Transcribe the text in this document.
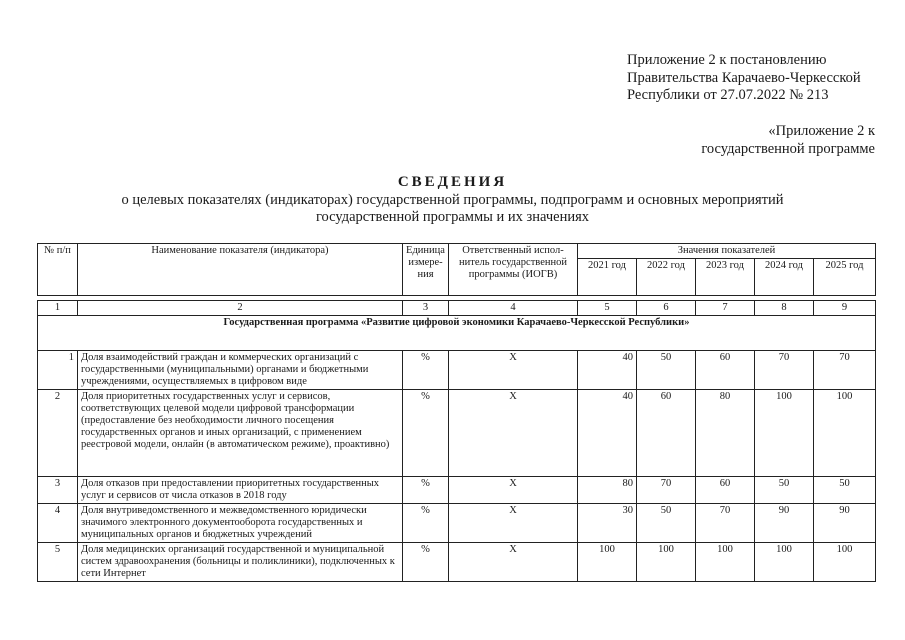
Приложение 2 к постановлению
Правительства Карачаево-Черкесской
Республики от 27.07.2022 № 213
«Приложение 2 к
государственной программе
СВЕДЕНИЯ
о целевых показателях (индикаторах) государственной программы, подпрограмм и основных мероприятий
государственной программы и их значениях
№ п/п	Наименование показателя (индикатора)	Единица измере-ния	Ответственный испол-нитель государственной программы (ИОГВ)	Значения показателей				
				2021 год	2022 год	2023 год	2024 год	2025 год

1	2	3	4	5	6	7	8	9
Государственная программа «Развитие цифровой экономики Карачаево-Черкесской Республики»								
1	Доля взаимодействий граждан и коммерческих организаций с государственными (муниципальными) органами и бюджетными учреждениями, осуществляемых в цифровом виде	%	X	40	50	60	70	70
2	Доля приоритетных государственных услуг и сервисов, соответствующих целевой модели цифровой трансформации (предоставление без необходимости личного посещения государственных органов и иных организаций, с применением реестровой модели, онлайн (в автоматическом режиме), проактивно)	%	X	40	60	80	100	100
3	Доля отказов при предоставлении приоритетных государственных услуг и сервисов от числа отказов в 2018 году	%	X	80	70	60	50	50
4	Доля внутриведомственного и межведомственного юридически значимого электронного документооборота государственных и муниципальных органов и бюджетных учреждений	%	X	30	50	70	90	90
5	Доля медицинских организаций государственной и муниципальной систем здравоохранения (больницы и поликлиники), подключенных к сети Интернет	%	X	100	100	100	100	100
